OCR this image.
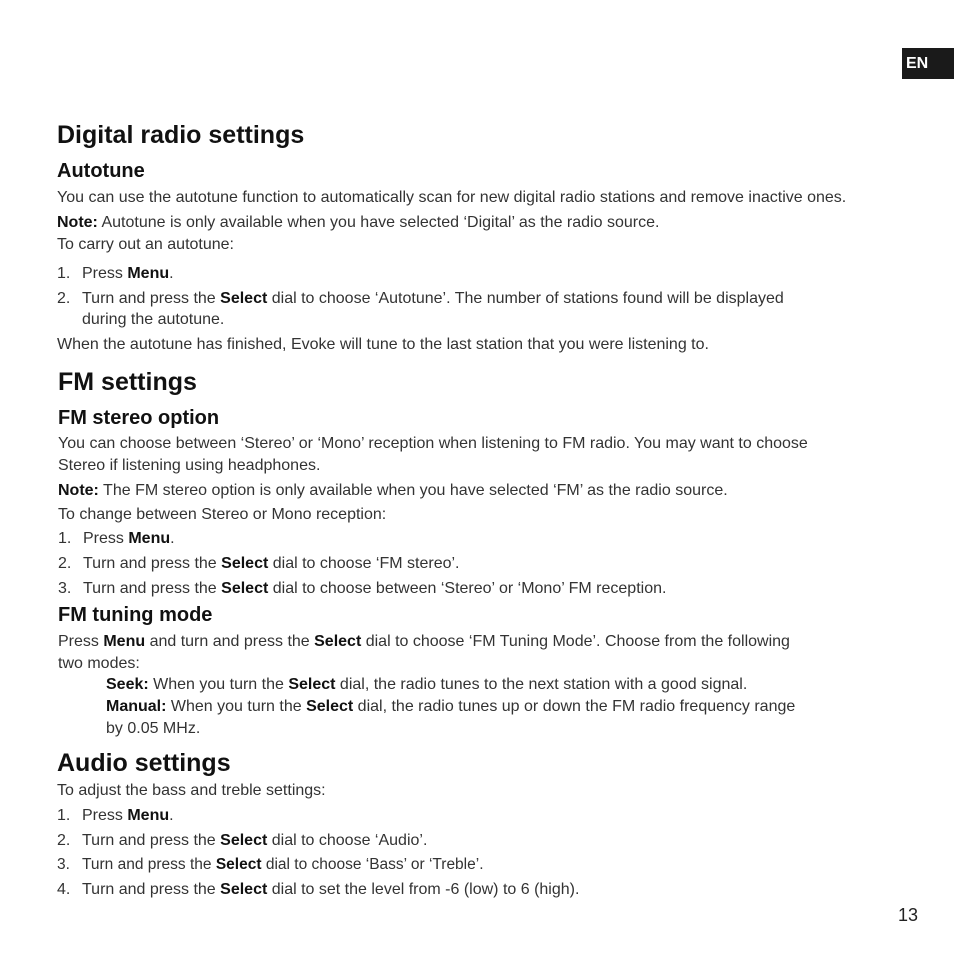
EN
Digital radio settings
Autotune
You can use the autotune function to automatically scan for new digital radio stations and remove inactive ones.
Note: Autotune is only available when you have selected ‘Digital’ as the radio source.
To carry out an autotune:
1. Press Menu.
2. Turn and press the Select dial to choose ‘Autotune’. The number of stations found will be displayed
during the autotune.
When the autotune has finished, Evoke will tune to the last station that you were listening to.
FM settings
FM stereo option
You can choose between ‘Stereo’ or ‘Mono’ reception when listening to FM radio. You may want to choose
Stereo if listening using headphones.
Note: The FM stereo option is only available when you have selected ‘FM’ as the radio source.
To change between Stereo or Mono reception:
1. Press Menu.
2. Turn and press the Select dial to choose ‘FM stereo’.
3. Turn and press the Select dial to choose between ‘Stereo’ or ‘Mono’ FM reception.
FM tuning mode
Press Menu and turn and press the Select dial to choose ‘FM Tuning Mode’. Choose from the following
two modes:
Seek: When you turn the Select dial, the radio tunes to the next station with a good signal.
Manual: When you turn the Select dial, the radio tunes up or down the FM radio frequency range
by 0.05 MHz.
Audio settings
To adjust the bass and treble settings:
1. Press Menu.
2. Turn and press the Select dial to choose ‘Audio’.
3. Turn and press the Select dial to choose ‘Bass’ or ‘Treble’.
4. Turn and press the Select dial to set the level from -6 (low) to 6 (high).
13
